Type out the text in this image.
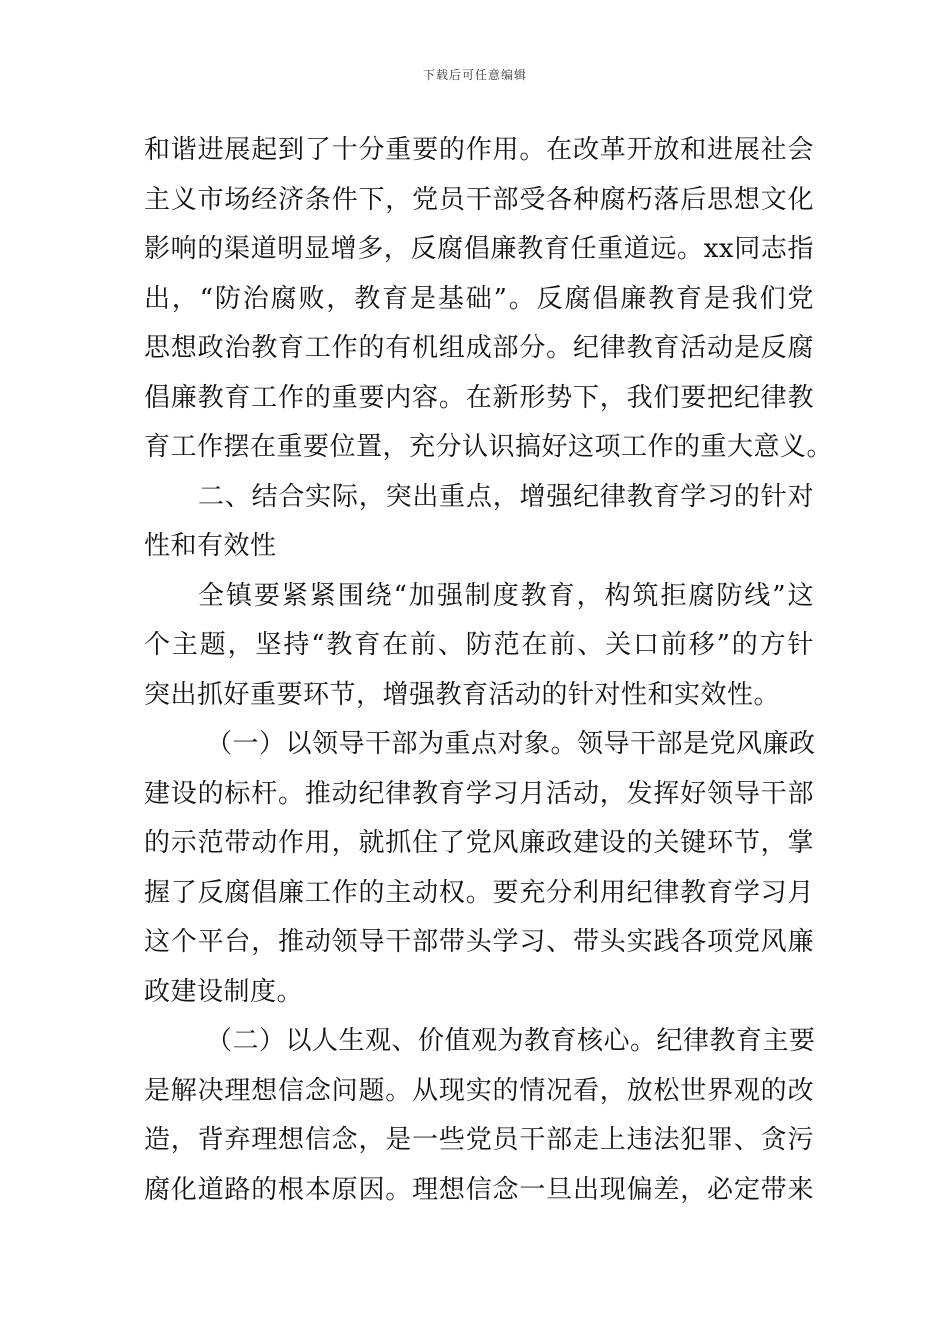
下载后可任意编辑
和谐进展起到了十分重要的作用。在改革开放和进展社会
主义市场经济条件下，党员干部受各种腐朽落后思想文化
影响的渠道明显增多，反腐倡廉教育任重道远。xx同志指
出，“防治腐败，教育是基础”。反腐倡廉教育是我们党
思想政治教育工作的有机组成部分。纪律教育活动是反腐
倡廉教育工作的重要内容。在新形势下，我们要把纪律教
育工作摆在重要位置，充分认识搞好这项工作的重大意义。
二、结合实际，突出重点，增强纪律教育学习的针对
性和有效性
全镇要紧紧围绕“加强制度教育，构筑拒腐防线”这
个主题，坚持“教育在前、防范在前、关口前移”的方针
突出抓好重要环节，增强教育活动的针对性和实效性。
（一）以领导干部为重点对象。领导干部是党风廉政
建设的标杆。推动纪律教育学习月活动，发挥好领导干部
的示范带动作用，就抓住了党风廉政建设的关键环节，掌
握了反腐倡廉工作的主动权。要充分利用纪律教育学习月
这个平台，推动领导干部带头学习、带头实践各项党风廉
政建设制度。
（二）以人生观、价值观为教育核心。纪律教育主要
是解决理想信念问题。从现实的情况看，放松世界观的改
造，背弃理想信念，是一些党员干部走上违法犯罪、贪污
腐化道路的根本原因。理想信念一旦出现偏差，必定带来
